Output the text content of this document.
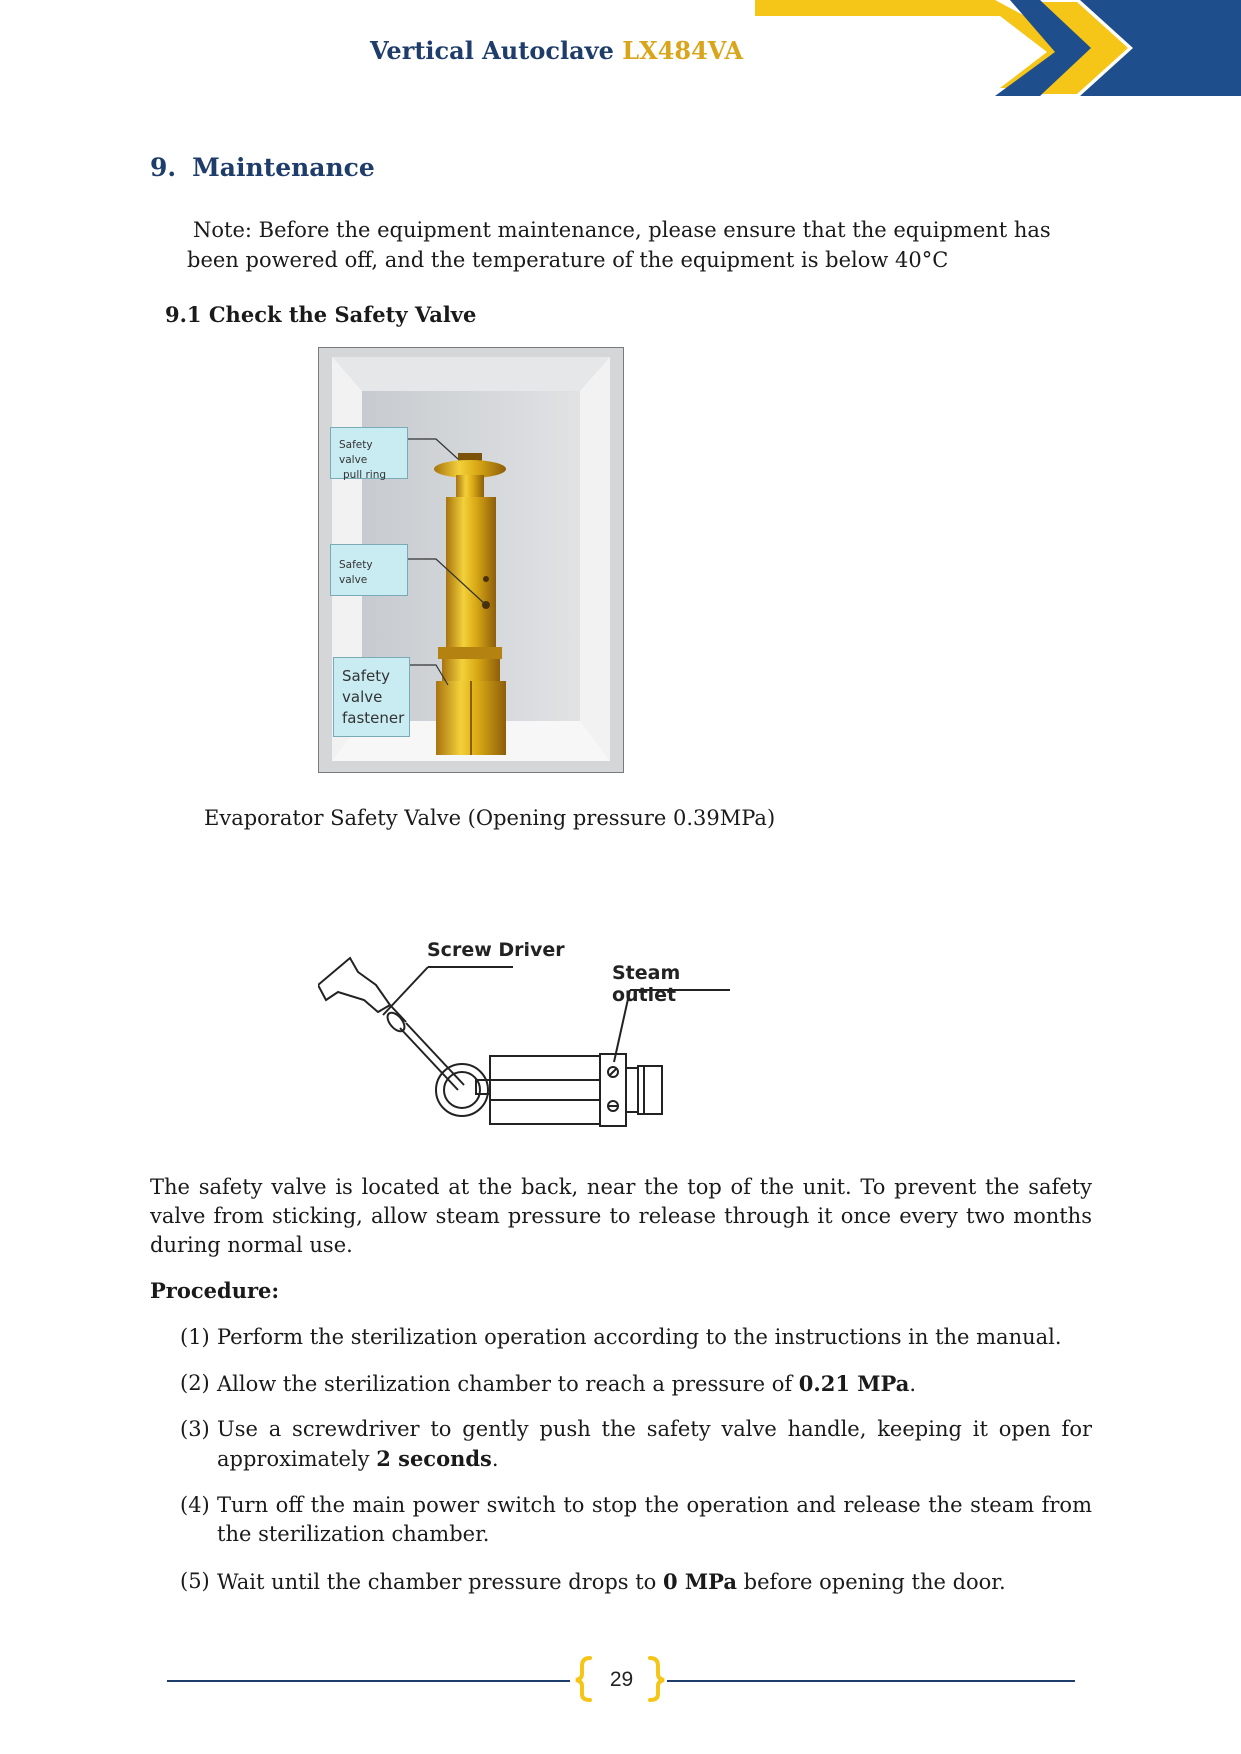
Vertical Autoclave LX484VA
9. Maintenance
Note: Before the equipment maintenance, please ensure that the equipment has been powered off, and the temperature of the equipment is below 40°C
9.1 Check the Safety Valve
Safety valve
pull ring
Safety valve
Safety
valve
fastener
Evaporator Safety Valve (Opening pressure 0.39MPa)
Screw Driver
Steam outlet
The safety valve is located at the back, near the top of the unit. To prevent the safety valve from sticking, allow steam pressure to release through it once every two months during normal use.
Procedure:
(1) Perform the sterilization operation according to the instructions in the manual.
(2) Allow the sterilization chamber to reach a pressure of 0.21 MPa.
(3) Use a screwdriver to gently push the safety valve handle, keeping it open for approximately 2 seconds.
(4) Turn off the main power switch to stop the operation and release the steam from the sterilization chamber.
(5) Wait until the chamber pressure drops to 0 MPa before opening the door.
29
